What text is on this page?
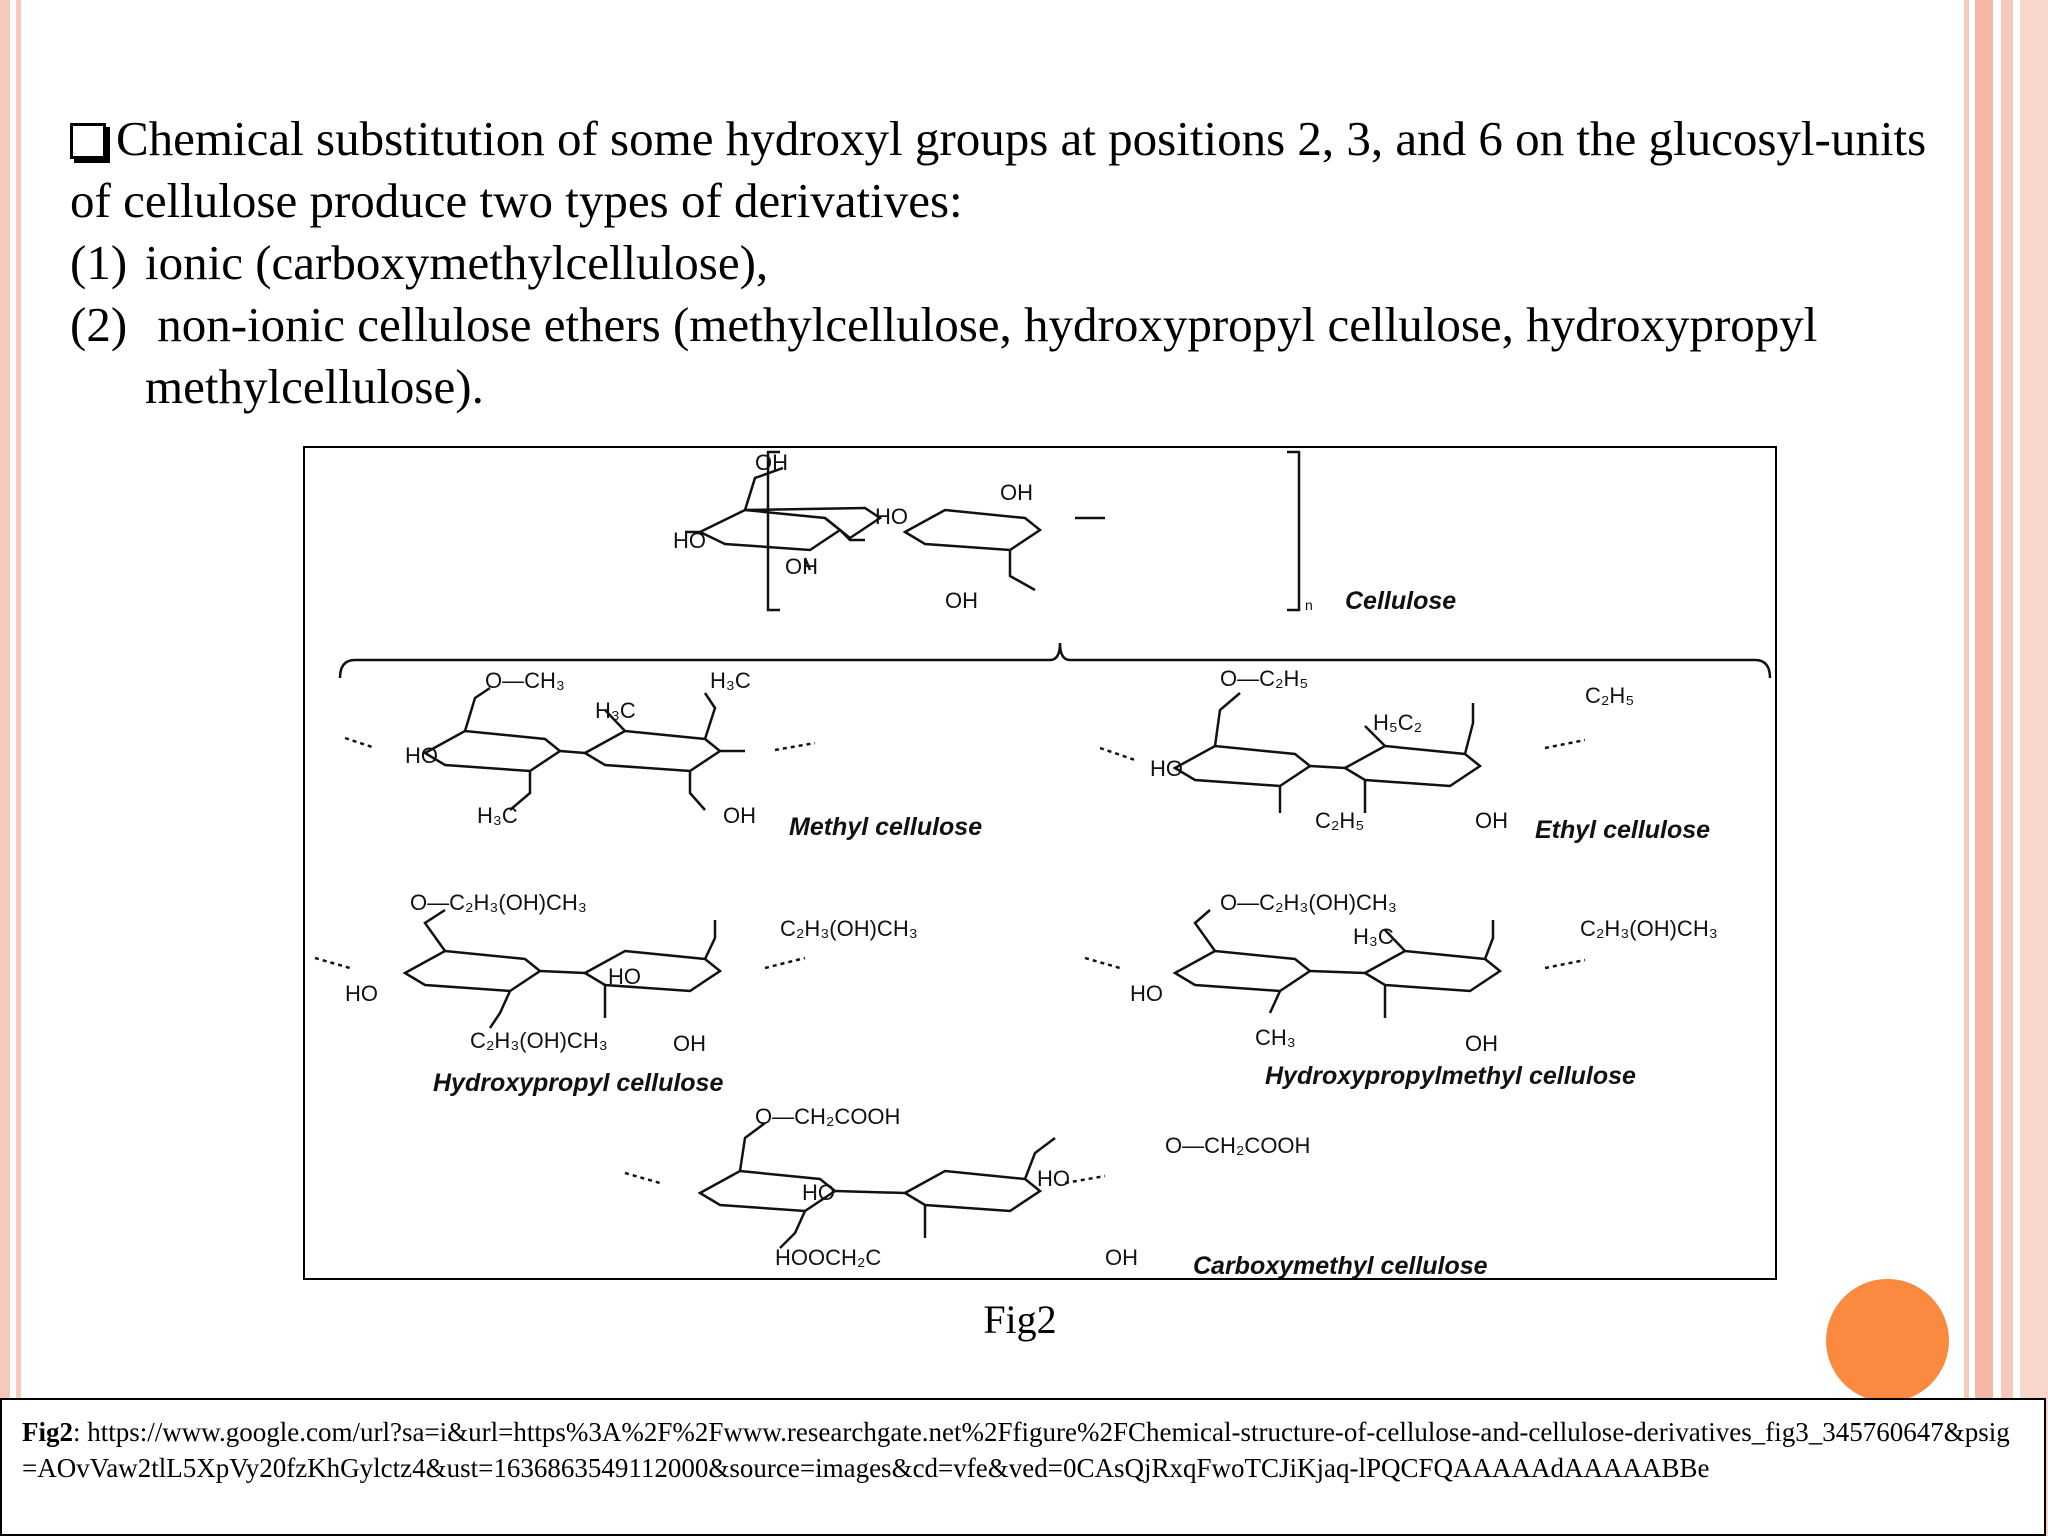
Chemical substitution of some hydroxyl groups at positions 2, 3, and 6 on the glucosyl-units of cellulose produce two types of derivatives:

(1) ionic (carboxymethylcellulose),

(2) non-ionic cellulose ethers (methylcellulose, hydroxypropyl cellulose, hydroxypropyl methylcellulose).

OH
HO
OH
HO
OH
OH	n Cellulose
O—CH₃	H₃C
H₃C
HO
H₃C	OH Methyl cellulose
O—C₂H₅
H₅C₂
C₂H₅
HO
C₂H₅	OH Ethyl cellulose
O—C₂H₃(OH)CH₃
C₂H₃(OH)CH₃
HO
HO
C₂H₃(OH)CH₃	OH
Hydroxypropyl cellulose
O—C₂H₃(OH)CH₃
H₃C	C₂H₃(OH)CH₃
HO
CH₃	OH
Hydroxypropylmethyl cellulose
O—CH₂COOH
O—CH₂COOH
HO
HO
HOOCH₂C	OH Carboxymethyl cellulose
Fig2
Fig2: https://www.google.com/url?sa=i&url=https%3A%2F%2Fwww.researchgate.net%2Ffigure%2FChemical-structure-of-cellulose-and-cellulose-derivatives_fig3_345760647&psig=AOvVaw2tlL5XpVy20fzKhGylctz4&ust=1636863549112000&source=images&cd=vfe&ved=0CAsQjRxqFwoTCJiKjaq-lPQCFQAAAAAdAAAAABBe
